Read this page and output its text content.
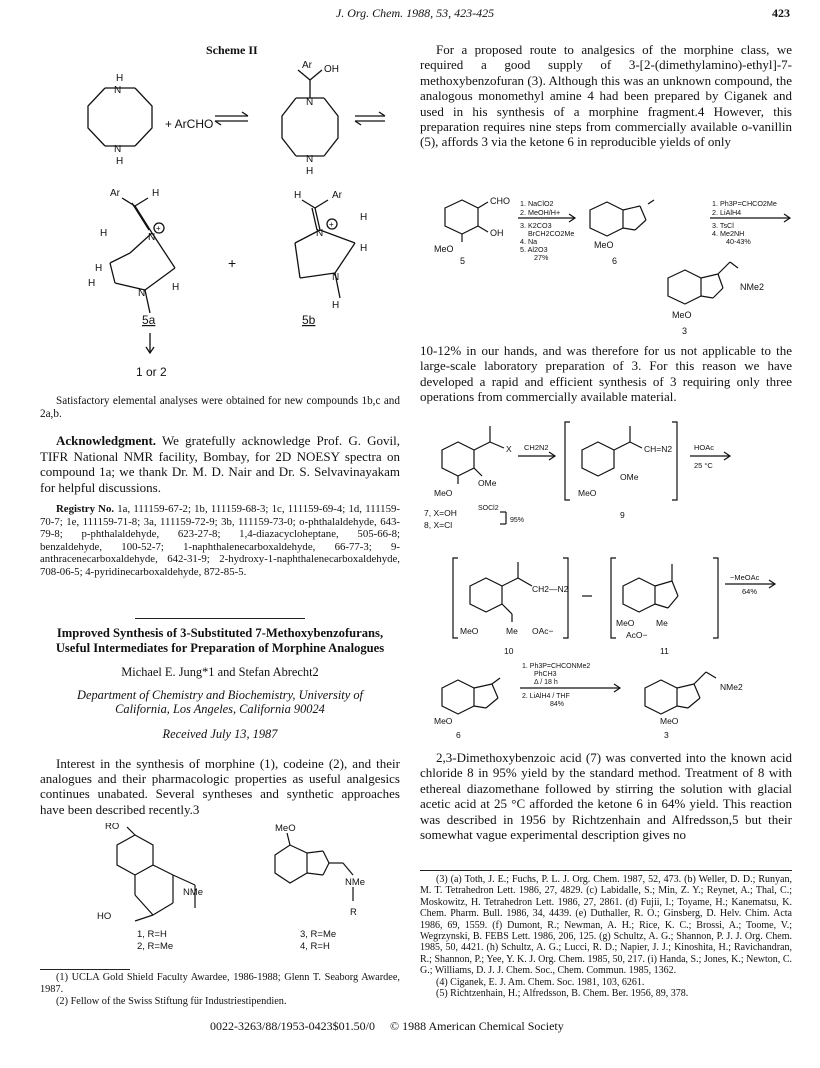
J. Org. Chem. 1988, 53, 423-425	423
Scheme II
H
N
N
H
Ar OH
N
N
H
Ar	H
+
N
H
H
H
N
H
H	Ar
+
N
H
H
N
H
+ ArCHO
+
5a	5b
1 or 2

Satisfactory elemental analyses were obtained for new compounds 1b,c and 2a,b.

Acknowledgment. We gratefully acknowledge Prof. G. Govil, TIFR National NMR facility, Bombay, for 2D NOESY spectra on compound 1a; we thank Dr. M. D. Nair and Dr. S. Selvavinayakam for helpful discussions.

Registry No. 1a, 111159-67-2; 1b, 111159-68-3; 1c, 111159-69-4; 1d, 111159-70-7; 1e, 111159-71-8; 3a, 111159-72-9; 3b, 111159-73-0; o-phthalaldehyde, 643-79-8; p-phthalaldehyde, 623-27-8; 1,4-diazacycloheptane, 505-66-8; benzaldehyde, 100-52-7; 1-naphthalenecarboxaldehyde, 66-77-3; 9-anthracenecarboxaldehyde, 642-31-9; 2-hydroxy-1-naphthalenecarboxaldehyde, 708-06-5; 4-pyridinecarboxaldehyde, 872-85-5.

Improved Synthesis of 3-Substituted 7-Methoxybenzofurans, Useful Intermediates for Preparation of Morphine Analogues

Michael E. Jung*1 and Stefan Abrecht2

Department of Chemistry and Biochemistry, University of California, Los Angeles, California 90024

Received July 13, 1987

Interest in the synthesis of morphine (1), codeine (2), and their analogues and their pharmacologic properties as useful analgesics continues unabated. Several syntheses and synthetic approaches have been described recently.3

RO
NMe
HO
1, R=H
2, R=Me
MeO
NMe
R
3, R=Me
4, R=H

(1) UCLA Gold Shield Faculty Awardee, 1986-1988; Glenn T. Seaborg Awardee, 1987.

(2) Fellow of the Swiss Stiftung für Industriestipendien.

For a proposed route to analgesics of the morphine class, we required a good supply of 3-[2-(dimethylamino)-ethyl]-7-methoxybenzofuran (3). Although this was an unknown compound, the analogous monomethyl amine 4 had been prepared by Ciganek and used in his synthesis of a morphine fragment.4 However, this preparation requires nine steps from commercially available o-vanillin (5), affords 3 via the ketone 6 in reproducible yields of only

CHO
OH
MeO
5
MeO
6
MeO
NMe2
3
1. NaClO2
2. MeOH/H+
3. K2CO3
BrCH2CO2Me
4. Na
5. Al2O3
27%
1. Ph3P=CHCO2Me
2. LiAlH4
3. TsCl
4. Me2NH
40-43%

10-12% in our hands, and was therefore for us not applicable to the large-scale laboratory preparation of 3. For this reason we have developed a rapid and efficient synthesis of 3 requiring only three operations from commercially available material.

X
OMe
MeO
CH2N2	CH=N2
OMe
MeO
HOAc
25 °C
7, X=OH	SOCl2
95%
8, X=Cl
9
CH2—N2
MeO	Me OAc−
10
MeO	Me
AcO−
11
−MeOAc
64%
MeO
6
MeO
NMe2
3
1. Ph3P=CHCONMe2
PhCH3
Δ / 18 h
2. LiAlH4 / THF
84%

2,3-Dimethoxybenzoic acid (7) was converted into the known acid chloride 8 in 95% yield by the standard method. Treatment of 8 with ethereal diazomethane followed by stirring the solution with glacial acetic acid at 25 °C afforded the ketone 6 in 64% yield. This reaction was described in 1956 by Richtzenhain and Alfredsson,5 but their somewhat vague experimental description gives no

(3) (a) Toth, J. E.; Fuchs, P. L. J. Org. Chem. 1987, 52, 473. (b) Weller, D. D.; Runyan, M. T. Tetrahedron Lett. 1986, 27, 4829. (c) Labidalle, S.; Min, Z. Y.; Reynet, A.; Thal, C.; Moskowitz, H. Tetrahedron Lett. 1986, 27, 2861. (d) Fujii, I.; Toyame, H.; Kanematsu, K. Chem. Pharm. Bull. 1986, 34, 4439. (e) Duthaller, R. O.; Ginsberg, D. Helv. Chim. Acta 1986, 69, 1559. (f) Dumont, R.; Newman, A. H.; Rice, K. C.; Brossi, A.; Toome, V.; Wegrzynski, B. FEBS Lett. 1986, 206, 125. (g) Schultz, A. G.; Shannon, P. J. J. Org. Chem. 1985, 50, 4421. (h) Schultz, A. G.; Lucci, R. D.; Napier, J. J.; Kinoshita, H.; Ravichandran, R.; Shannon, P.; Yee, Y. K. J. Org. Chem. 1985, 50, 217. (i) Handa, S.; Jones, K.; Newton, C. G.; Williams, D. J. J. Chem. Soc., Chem. Commun. 1985, 1362.

(4) Ciganek, E. J. Am. Chem. Soc. 1981, 103, 6261.

(5) Richtzenhain, H.; Alfredsson, B. Chem. Ber. 1956, 89, 378.

0022-3263/88/1953-0423$01.50/0 © 1988 American Chemical Society
